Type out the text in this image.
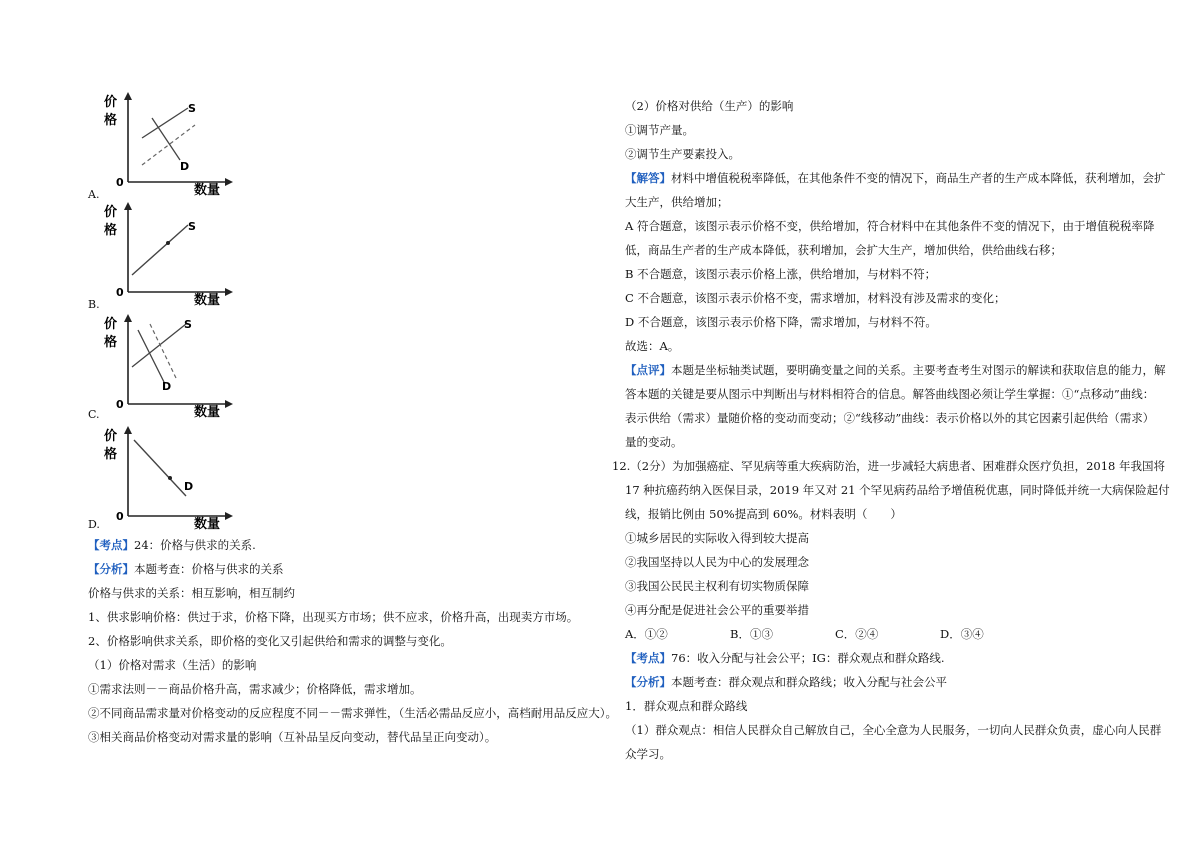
价
格
S
D
0
数量
A.
价
格	S
0
数量
B.
价
格
S
D
0
数量
C.
价
格
D
0
数量
D.
【考点】24：价格与供求的关系.
【分析】本题考查：价格与供求的关系
价格与供求的关系：相互影响，相互制约
1、供求影响价格：供过于求，价格下降，出现买方市场；供不应求，价格升高，出现卖方市场。
2、价格影响供求关系，即价格的变化又引起供给和需求的调整与变化。
（1）价格对需求（生活）的影响
①需求法则－－商品价格升高，需求减少；价格降低，需求增加。
②不同商品需求量对价格变动的反应程度不同－－需求弹性，（生活必需品反应小，高档耐用品反应大）。
③相关商品价格变动对需求量的影响（互补品呈反向变动，替代品呈正向变动）。
（2）价格对供给（生产）的影响
①调节产量。
②调节生产要素投入。
【解答】材料中增值税税率降低，在其他条件不变的情况下，商品生产者的生产成本降低，获利增加，会扩
大生产，供给增加；
A 符合题意，该图示表示价格不变，供给增加，符合材料中在其他条件不变的情况下，由于增值税税率降
低，商品生产者的生产成本降低，获利增加，会扩大生产，增加供给，供给曲线右移；
B 不合题意，该图示表示价格上涨，供给增加，与材料不符；
C 不合题意，该图示表示价格不变，需求增加，材料没有涉及需求的变化；
D 不合题意，该图示表示价格下降，需求增加，与材料不符。
故选：A。
【点评】本题是坐标轴类试题，要明确变量之间的关系。主要考查考生对图示的解读和获取信息的能力，解
答本题的关键是要从图示中判断出与材料相符合的信息。解答曲线图必须让学生掌握：①“点移动”曲线：
表示供给（需求）量随价格的变动而变动；②“线移动”曲线：表示价格以外的其它因素引起供给（需求）
量的变动。
12.（2分）为加强癌症、罕见病等重大疾病防治，进一步减轻大病患者、困难群众医疗负担，2018 年我国将
17 种抗癌药纳入医保目录，2019 年又对 21 个罕见病药品给予增值税优惠，同时降低并统一大病保险起付
线，报销比例由 50%提高到 60%。材料表明（　　）
①城乡居民的实际收入得到较大提高
②我国坚持以人民为中心的发展理念
③我国公民民主权利有切实物质保障
④再分配是促进社会公平的重要举措
A．①②	B．①③	C．②④	D．③④
【考点】76：收入分配与社会公平；IG：群众观点和群众路线.
【分析】本题考查：群众观点和群众路线；收入分配与社会公平
1．群众观点和群众路线
（1）群众观点：相信人民群众自己解放自己，全心全意为人民服务，一切向人民群众负责，虚心向人民群
众学习。
